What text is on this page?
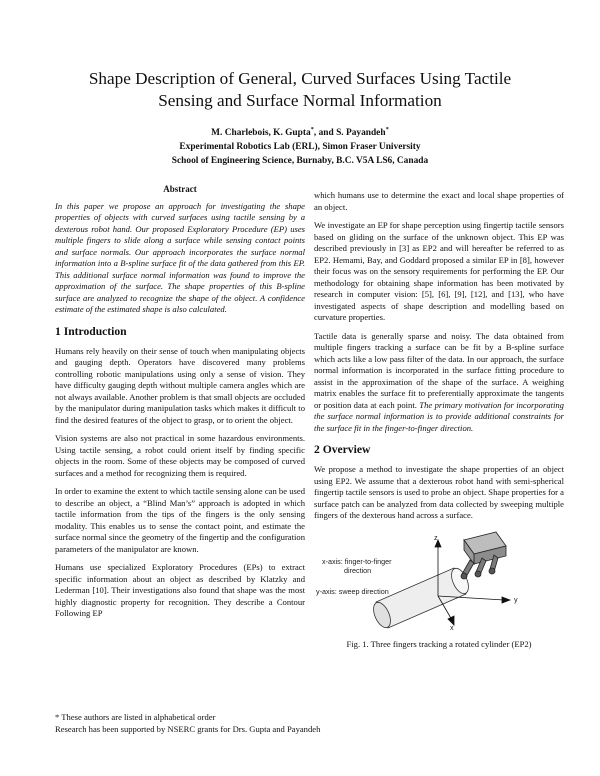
Shape Description of General, Curved Surfaces Using Tactile
Sensing and Surface Normal Information
M. Charlebois, K. Gupta*, and S. Payandeh*
Experimental Robotics Lab (ERL), Simon Fraser University
School of Engineering Science, Burnaby, B.C. V5A LS6, Canada
Abstract

In this paper we propose an approach for investigating the shape properties of objects with curved surfaces using tactile sensing by a dexterous robot hand. Our proposed Exploratory Procedure (EP) uses multiple fingers to slide along a surface while sensing contact points and surface normals. Our approach incorporates the surface normal information into a B-spline surface fit of the data gathered from this EP. This additional surface normal information was found to improve the approximation of the surface. The shape properties of this B-spline surface are analyzed to recognize the shape of the object. A confidence estimate of the estimated shape is also calculated.

1 Introduction

Humans rely heavily on their sense of touch when manipulating objects and gauging depth. Operators have discovered many problems controlling robotic manipulations using only a sense of vision. They have difficulty gauging depth without multiple camera angles which are not always available. Another problem is that small objects are occluded by the manipulator during manipulation tasks which makes it difficult to find the desired features of the object to grasp, or to orient the object.

Vision systems are also not practical in some hazardous environments. Using tactile sensing, a robot could orient itself by finding specific objects in the room. Some of these objects may be composed of curved surfaces and a method for recognizing them is required.

In order to examine the extent to which tactile sensing alone can be used to describe an object, a “Blind Man’s” approach is adopted in which tactile information from the tips of the fingers is the only sensing modality. This enables us to sense the contact point, and estimate the surface normal since the geometry of the fingertip and the configuration parameters of the manipulator are known.

Humans use specialized Exploratory Procedures (EPs) to extract specific information about an object as described by Klatzky and Lederman [10]. Their investigations also found that shape was the most highly diagnostic property for recognition. They describe a Contour Following EP

which humans use to determine the exact and local shape properties of an object.

We investigate an EP for shape perception using fingertip tactile sensors based on gliding on the surface of the unknown object. This EP was described previously in [3] as EP2 and will hereafter be referred to as EP2. Hemami, Bay, and Goddard proposed a similar EP in [8], however their focus was on the sensory requirements for performing the EP. Our methodology for obtaining shape information has been motivated by research in computer vision: [5], [6], [9], [12], and [13], who have investigated aspects of shape description and modelling based on curvature properties.

Tactile data is generally sparse and noisy. The data obtained from multiple fingers tracking a surface can be fit by a B-spline surface which acts like a low pass filter of the data. In our approach, the surface normal information is incorporated in the surface fitting procedure to assist in the approximation of the shape of the surface. A weighing matrix enables the surface fit to preferentially approximate the tangents or position data at each point. The primary motivation for incorporating the surface normal information is to provide additional constraints for the surface fit in the finger-to-finger direction.

2 Overview

We propose a method to investigate the shape properties of an object using EP2. We assume that a dexterous robot hand with semi-spherical fingertip tactile sensors is used to probe an object. Shape properties for a surface patch can be analyzed from data collected by sweeping multiple fingers of the dexterous hand across a surface.

x-axis: finger-to-finger
direction
y-axis: sweep direction
z
y
x
Fig. 1. Three fingers tracking a rotated cylinder (EP2)
* These authors are listed in alphabetical order
Research has been supported by NSERC grants for Drs. Gupta and Payandeh
